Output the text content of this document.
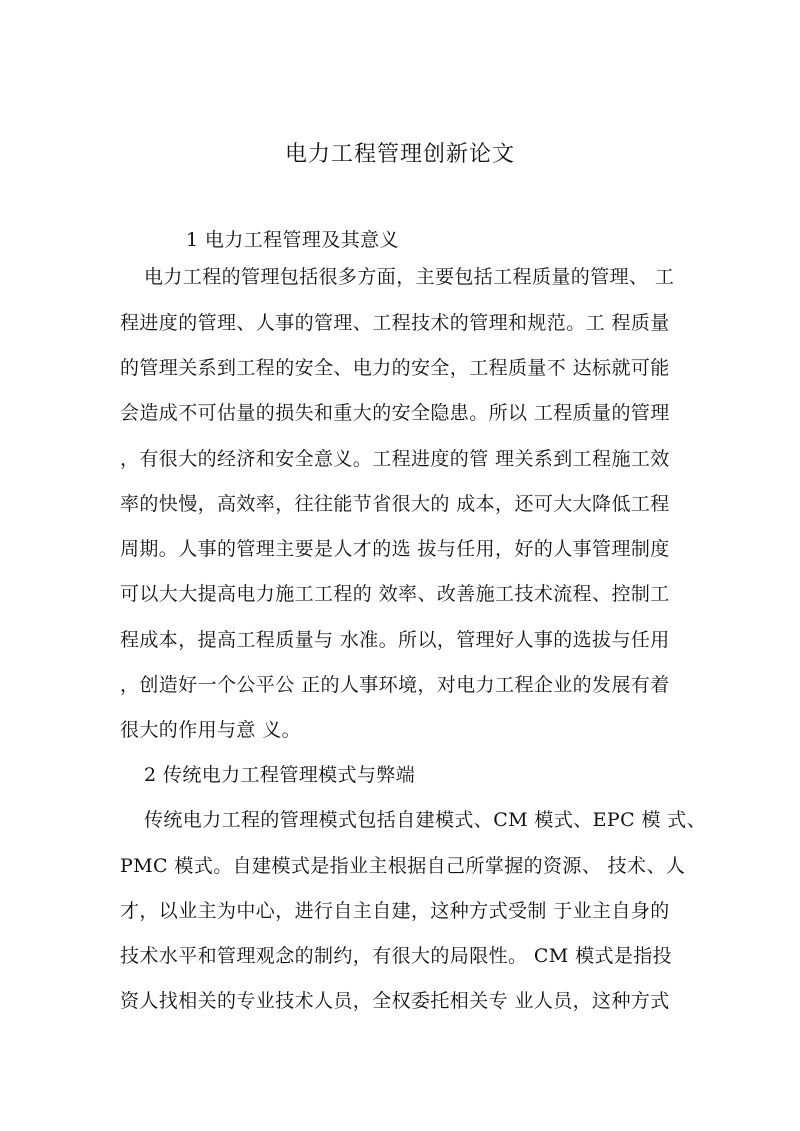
电力工程管理创新论文
1 电力工程管理及其意义
电力工程的管理包括很多方面，主要包括工程质量的管理、 工
程进度的管理、人事的管理、工程技术的管理和规范。工 程质量
的管理关系到工程的安全、电力的安全，工程质量不 达标就可能
会造成不可估量的损失和重大的安全隐患。所以 工程质量的管理
，有很大的经济和安全意义。工程进度的管 理关系到工程施工效
率的快慢，高效率，往往能节省很大的 成本，还可大大降低工程
周期。人事的管理主要是人才的选 拔与任用，好的人事管理制度
可以大大提高电力施工工程的 效率、改善施工技术流程、控制工
程成本，提高工程质量与 水准。所以，管理好人事的选拔与任用
，创造好一个公平公 正的人事环境，对电力工程企业的发展有着
很大的作用与意 义。
2 传统电力工程管理模式与弊端
传统电力工程的管理模式包括自建模式、CM 模式、EPC 模 式、
PMC 模式。自建模式是指业主根据自己所掌握的资源、 技术、人
才，以业主为中心，进行自主自建，这种方式受制 于业主自身的
技术水平和管理观念的制约，有很大的局限性。 CM 模式是指投
资人找相关的专业技术人员，全权委托相关专 业人员，这种方式
